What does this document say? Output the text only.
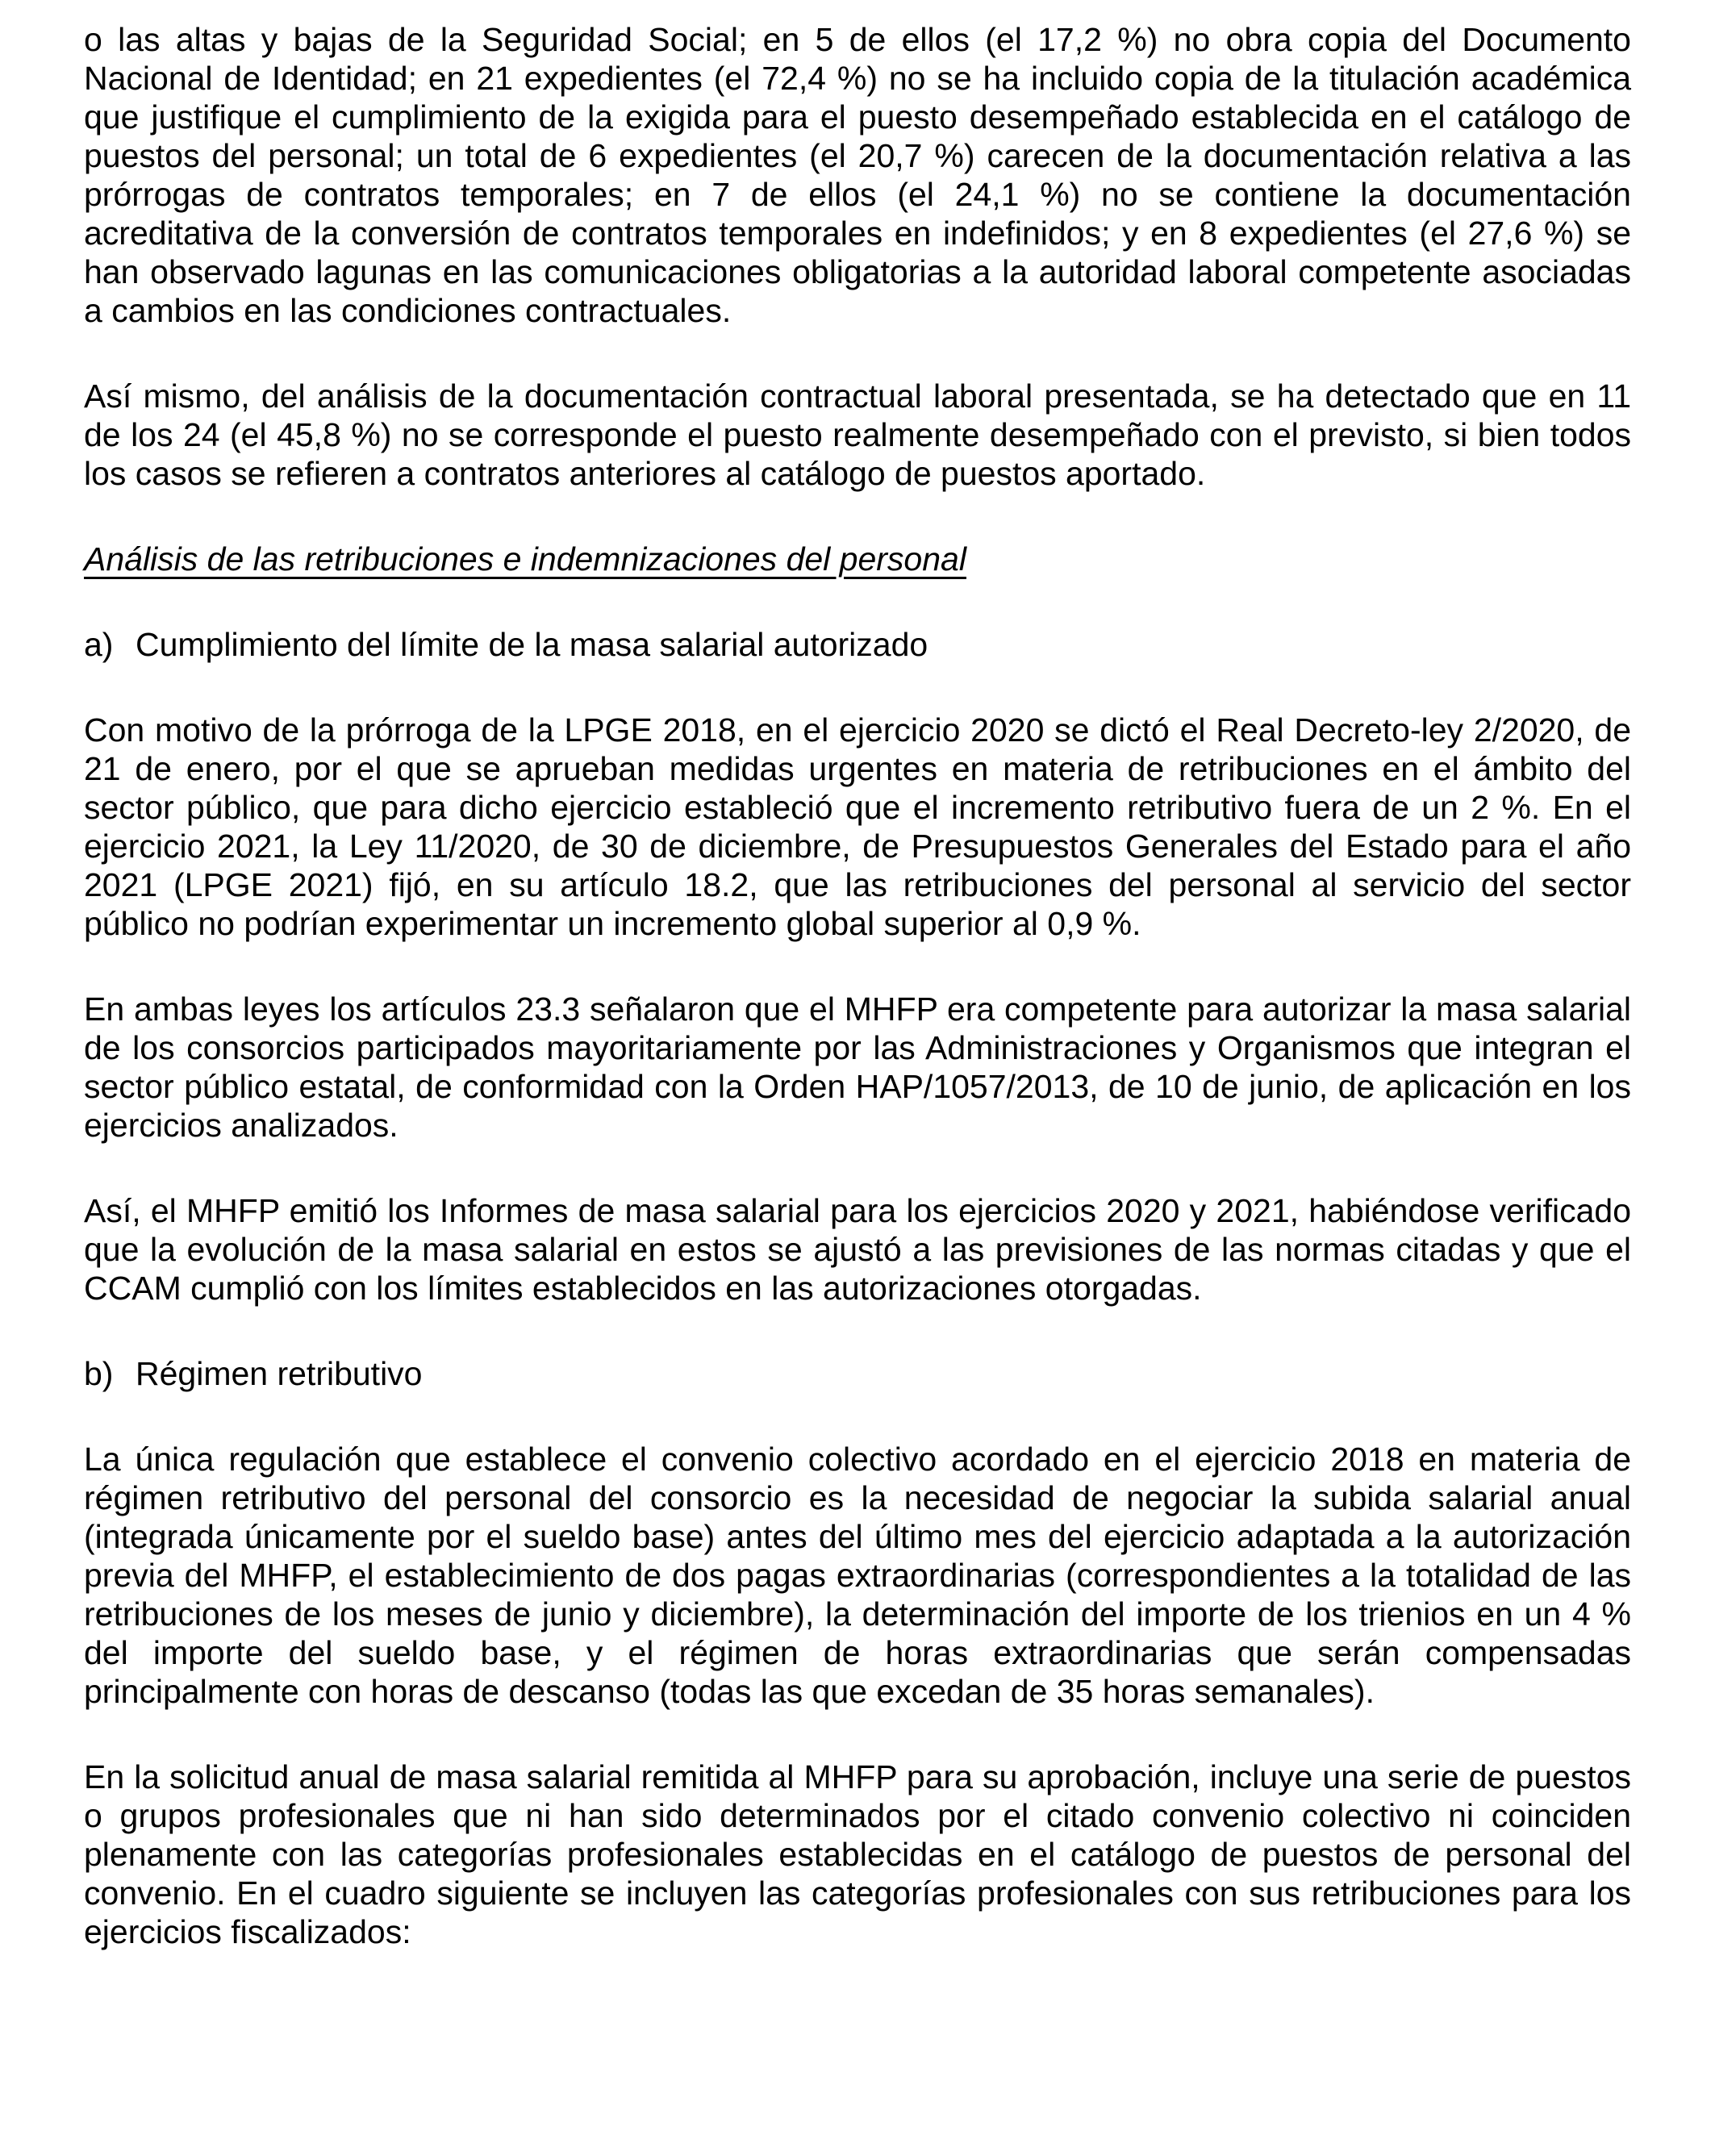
o las altas y bajas de la Seguridad Social; en 5 de ellos (el 17,2 %) no obra copia del Documento Nacional de Identidad; en 21 expedientes (el 72,4 %) no se ha incluido copia de la titulación académica que justifique el cumplimiento de la exigida para el puesto desempeñado establecida en el catálogo de puestos del personal; un total de 6 expedientes (el 20,7 %) carecen de la documentación relativa a las prórrogas de contratos temporales; en 7 de ellos (el 24,1 %) no se contiene la documentación acreditativa de la conversión de contratos temporales en indefinidos; y en 8 expedientes (el 27,6 %) se han observado lagunas en las comunicaciones obligatorias a la autoridad laboral competente asociadas a cambios en las condiciones contractuales.

Así mismo, del análisis de la documentación contractual laboral presentada, se ha detectado que en 11 de los 24 (el 45,8 %) no se corresponde el puesto realmente desempeñado con el previsto, si bien todos los casos se refieren a contratos anteriores al catálogo de puestos aportado.

Análisis de las retribuciones e indemnizaciones del personal

a) Cumplimiento del límite de la masa salarial autorizado

Con motivo de la prórroga de la LPGE 2018, en el ejercicio 2020 se dictó el Real Decreto-ley 2/2020, de 21 de enero, por el que se aprueban medidas urgentes en materia de retribuciones en el ámbito del sector público, que para dicho ejercicio estableció que el incremento retributivo fuera de un 2 %. En el ejercicio 2021, la Ley 11/2020, de 30 de diciembre, de Presupuestos Generales del Estado para el año 2021 (LPGE 2021) fijó, en su artículo 18.2, que las retribuciones del personal al servicio del sector público no podrían experimentar un incremento global superior al 0,9 %.

En ambas leyes los artículos 23.3 señalaron que el MHFP era competente para autorizar la masa salarial de los consorcios participados mayoritariamente por las Administraciones y Organismos que integran el sector público estatal, de conformidad con la Orden HAP/1057/2013, de 10 de junio, de aplicación en los ejercicios analizados.

Así, el MHFP emitió los Informes de masa salarial para los ejercicios 2020 y 2021, habiéndose verificado que la evolución de la masa salarial en estos se ajustó a las previsiones de las normas citadas y que el CCAM cumplió con los límites establecidos en las autorizaciones otorgadas.

b) Régimen retributivo

La única regulación que establece el convenio colectivo acordado en el ejercicio 2018 en materia de régimen retributivo del personal del consorcio es la necesidad de negociar la subida salarial anual (integrada únicamente por el sueldo base) antes del último mes del ejercicio adaptada a la autorización previa del MHFP, el establecimiento de dos pagas extraordinarias (correspondientes a la totalidad de las retribuciones de los meses de junio y diciembre), la determinación del importe de los trienios en un 4 % del importe del sueldo base, y el régimen de horas extraordinarias que serán compensadas principalmente con horas de descanso (todas las que excedan de 35 horas semanales).

En la solicitud anual de masa salarial remitida al MHFP para su aprobación, incluye una serie de puestos o grupos profesionales que ni han sido determinados por el citado convenio colectivo ni coinciden plenamente con las categorías profesionales establecidas en el catálogo de puestos de personal del convenio. En el cuadro siguiente se incluyen las categorías profesionales con sus retribuciones para los ejercicios fiscalizados:
